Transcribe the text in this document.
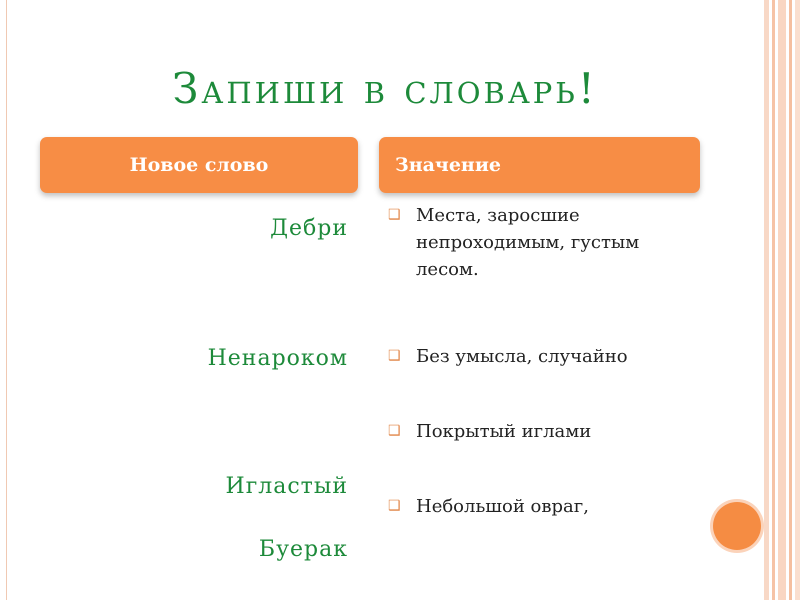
Запиши в словарь!
Новое слово	Значение
Дебри
Ненароком
Игластый
Буерак
❑ Места, заросшие непроходимым, густым лесом.
❑ Без умысла, случайно
❑ Покрытый иглами
❑ Небольшой овраг,
